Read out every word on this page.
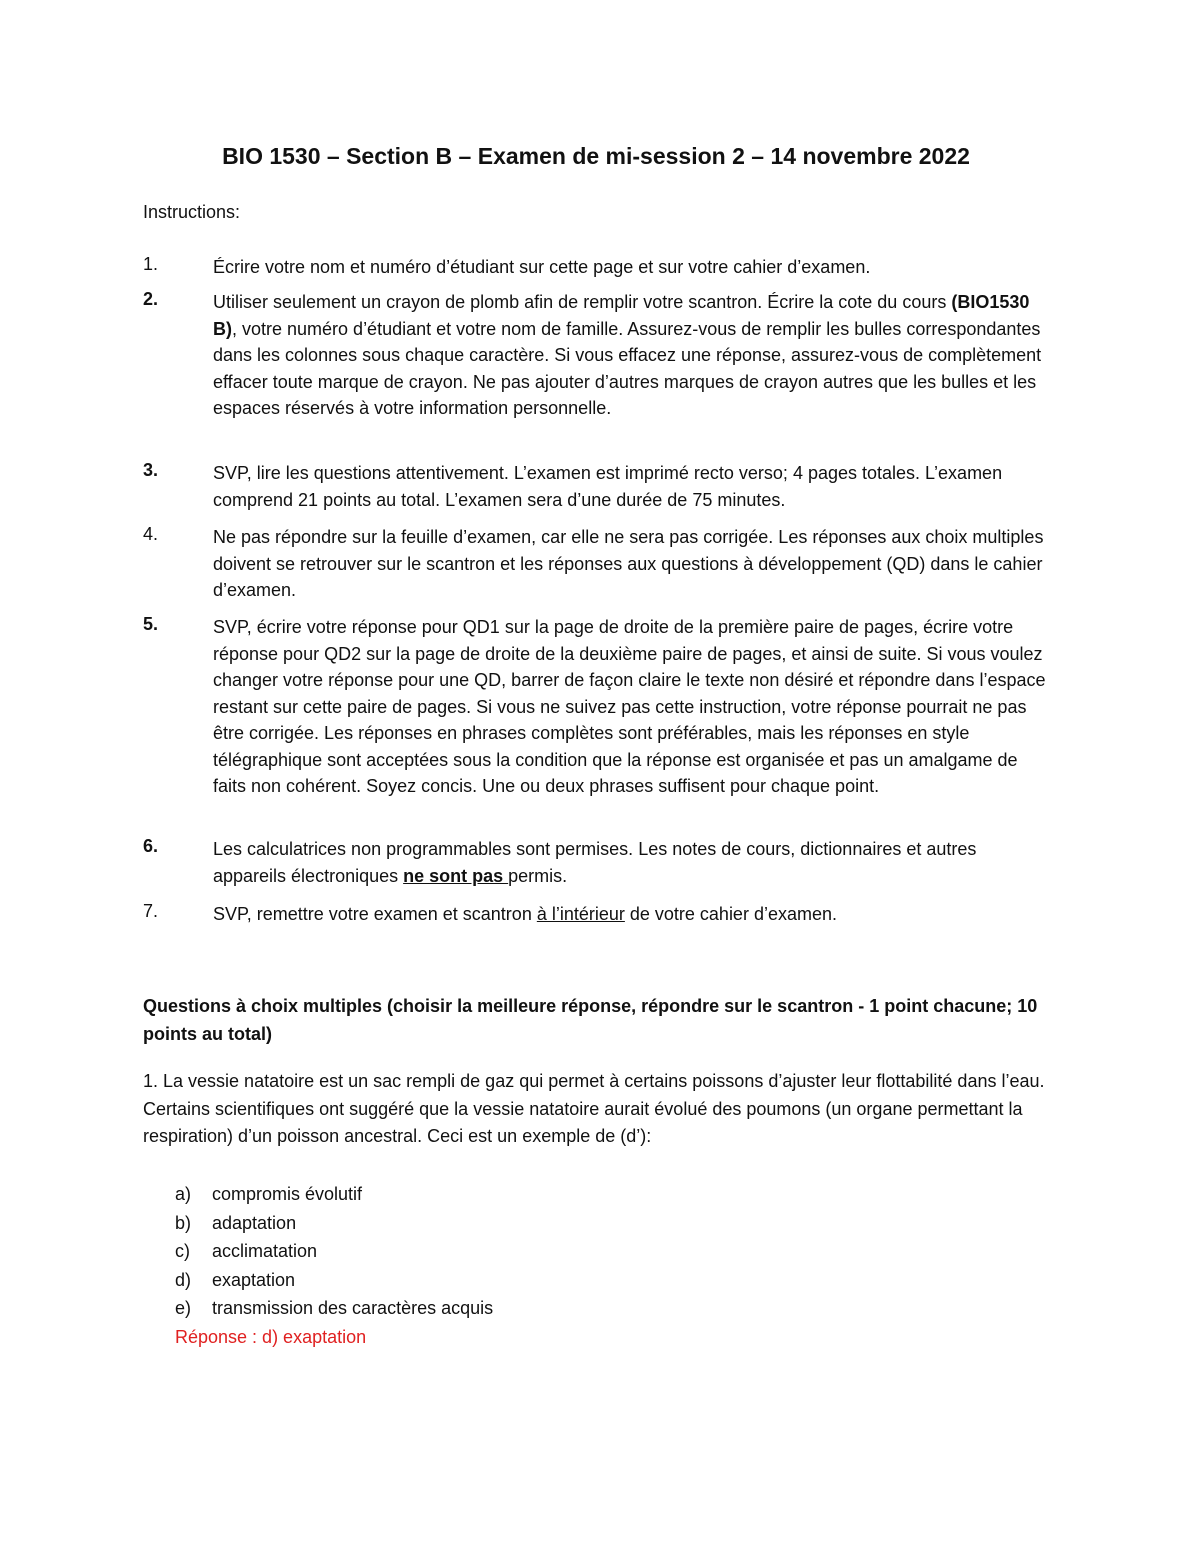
BIO 1530 – Section B – Examen de mi-session 2 – 14 novembre 2022

Instructions:

1.	Écrire votre nom et numéro d’étudiant sur cette page et sur votre cahier d’examen.
2.	Utiliser seulement un crayon de plomb afin de remplir votre scantron. Écrire la cote du cours (BIO1530 B), votre numéro d’étudiant et votre nom de famille. Assurez-vous de remplir les bulles correspondantes dans les colonnes sous chaque caractère. Si vous effacez une réponse, assurez-vous de complètement effacer toute marque de crayon. Ne pas ajouter d’autres marques de crayon autres que les bulles et les espaces réservés à votre information personnelle.
3.	SVP, lire les questions attentivement. L’examen est imprimé recto verso; 4 pages totales. L’examen comprend 21 points au total. L’examen sera d’une durée de 75 minutes.
4.	Ne pas répondre sur la feuille d’examen, car elle ne sera pas corrigée. Les réponses aux choix multiples doivent se retrouver sur le scantron et les réponses aux questions à développement (QD) dans le cahier d’examen.
5.	SVP, écrire votre réponse pour QD1 sur la page de droite de la première paire de pages, écrire votre réponse pour QD2 sur la page de droite de la deuxième paire de pages, et ainsi de suite. Si vous voulez changer votre réponse pour une QD, barrer de façon claire le texte non désiré et répondre dans l’espace restant sur cette paire de pages. Si vous ne suivez pas cette instruction, votre réponse pourrait ne pas être corrigée. Les réponses en phrases complètes sont préférables, mais les réponses en style télégraphique sont acceptées sous la condition que la réponse est organisée et pas un amalgame de faits non cohérent. Soyez concis. Une ou deux phrases suffisent pour chaque point.
6.	Les calculatrices non programmables sont permises. Les notes de cours, dictionnaires et autres appareils électroniques ne sont pas permis.
7.	SVP, remettre votre examen et scantron à l’intérieur de votre cahier d’examen.

Questions à choix multiples (choisir la meilleure réponse, répondre sur le scantron - 1 point chacune; 10 points au total)

1. La vessie natatoire est un sac rempli de gaz qui permet à certains poissons d’ajuster leur flottabilité dans l’eau. Certains scientifiques ont suggéré que la vessie natatoire aurait évolué des poumons (un organe permettant la respiration) d’un poisson ancestral. Ceci est un exemple de (d’):

a)	compromis évolutif
b)	adaptation
c)	acclimatation
d)	exaptation
e)	transmission des caractères acquis

Réponse : d) exaptation
